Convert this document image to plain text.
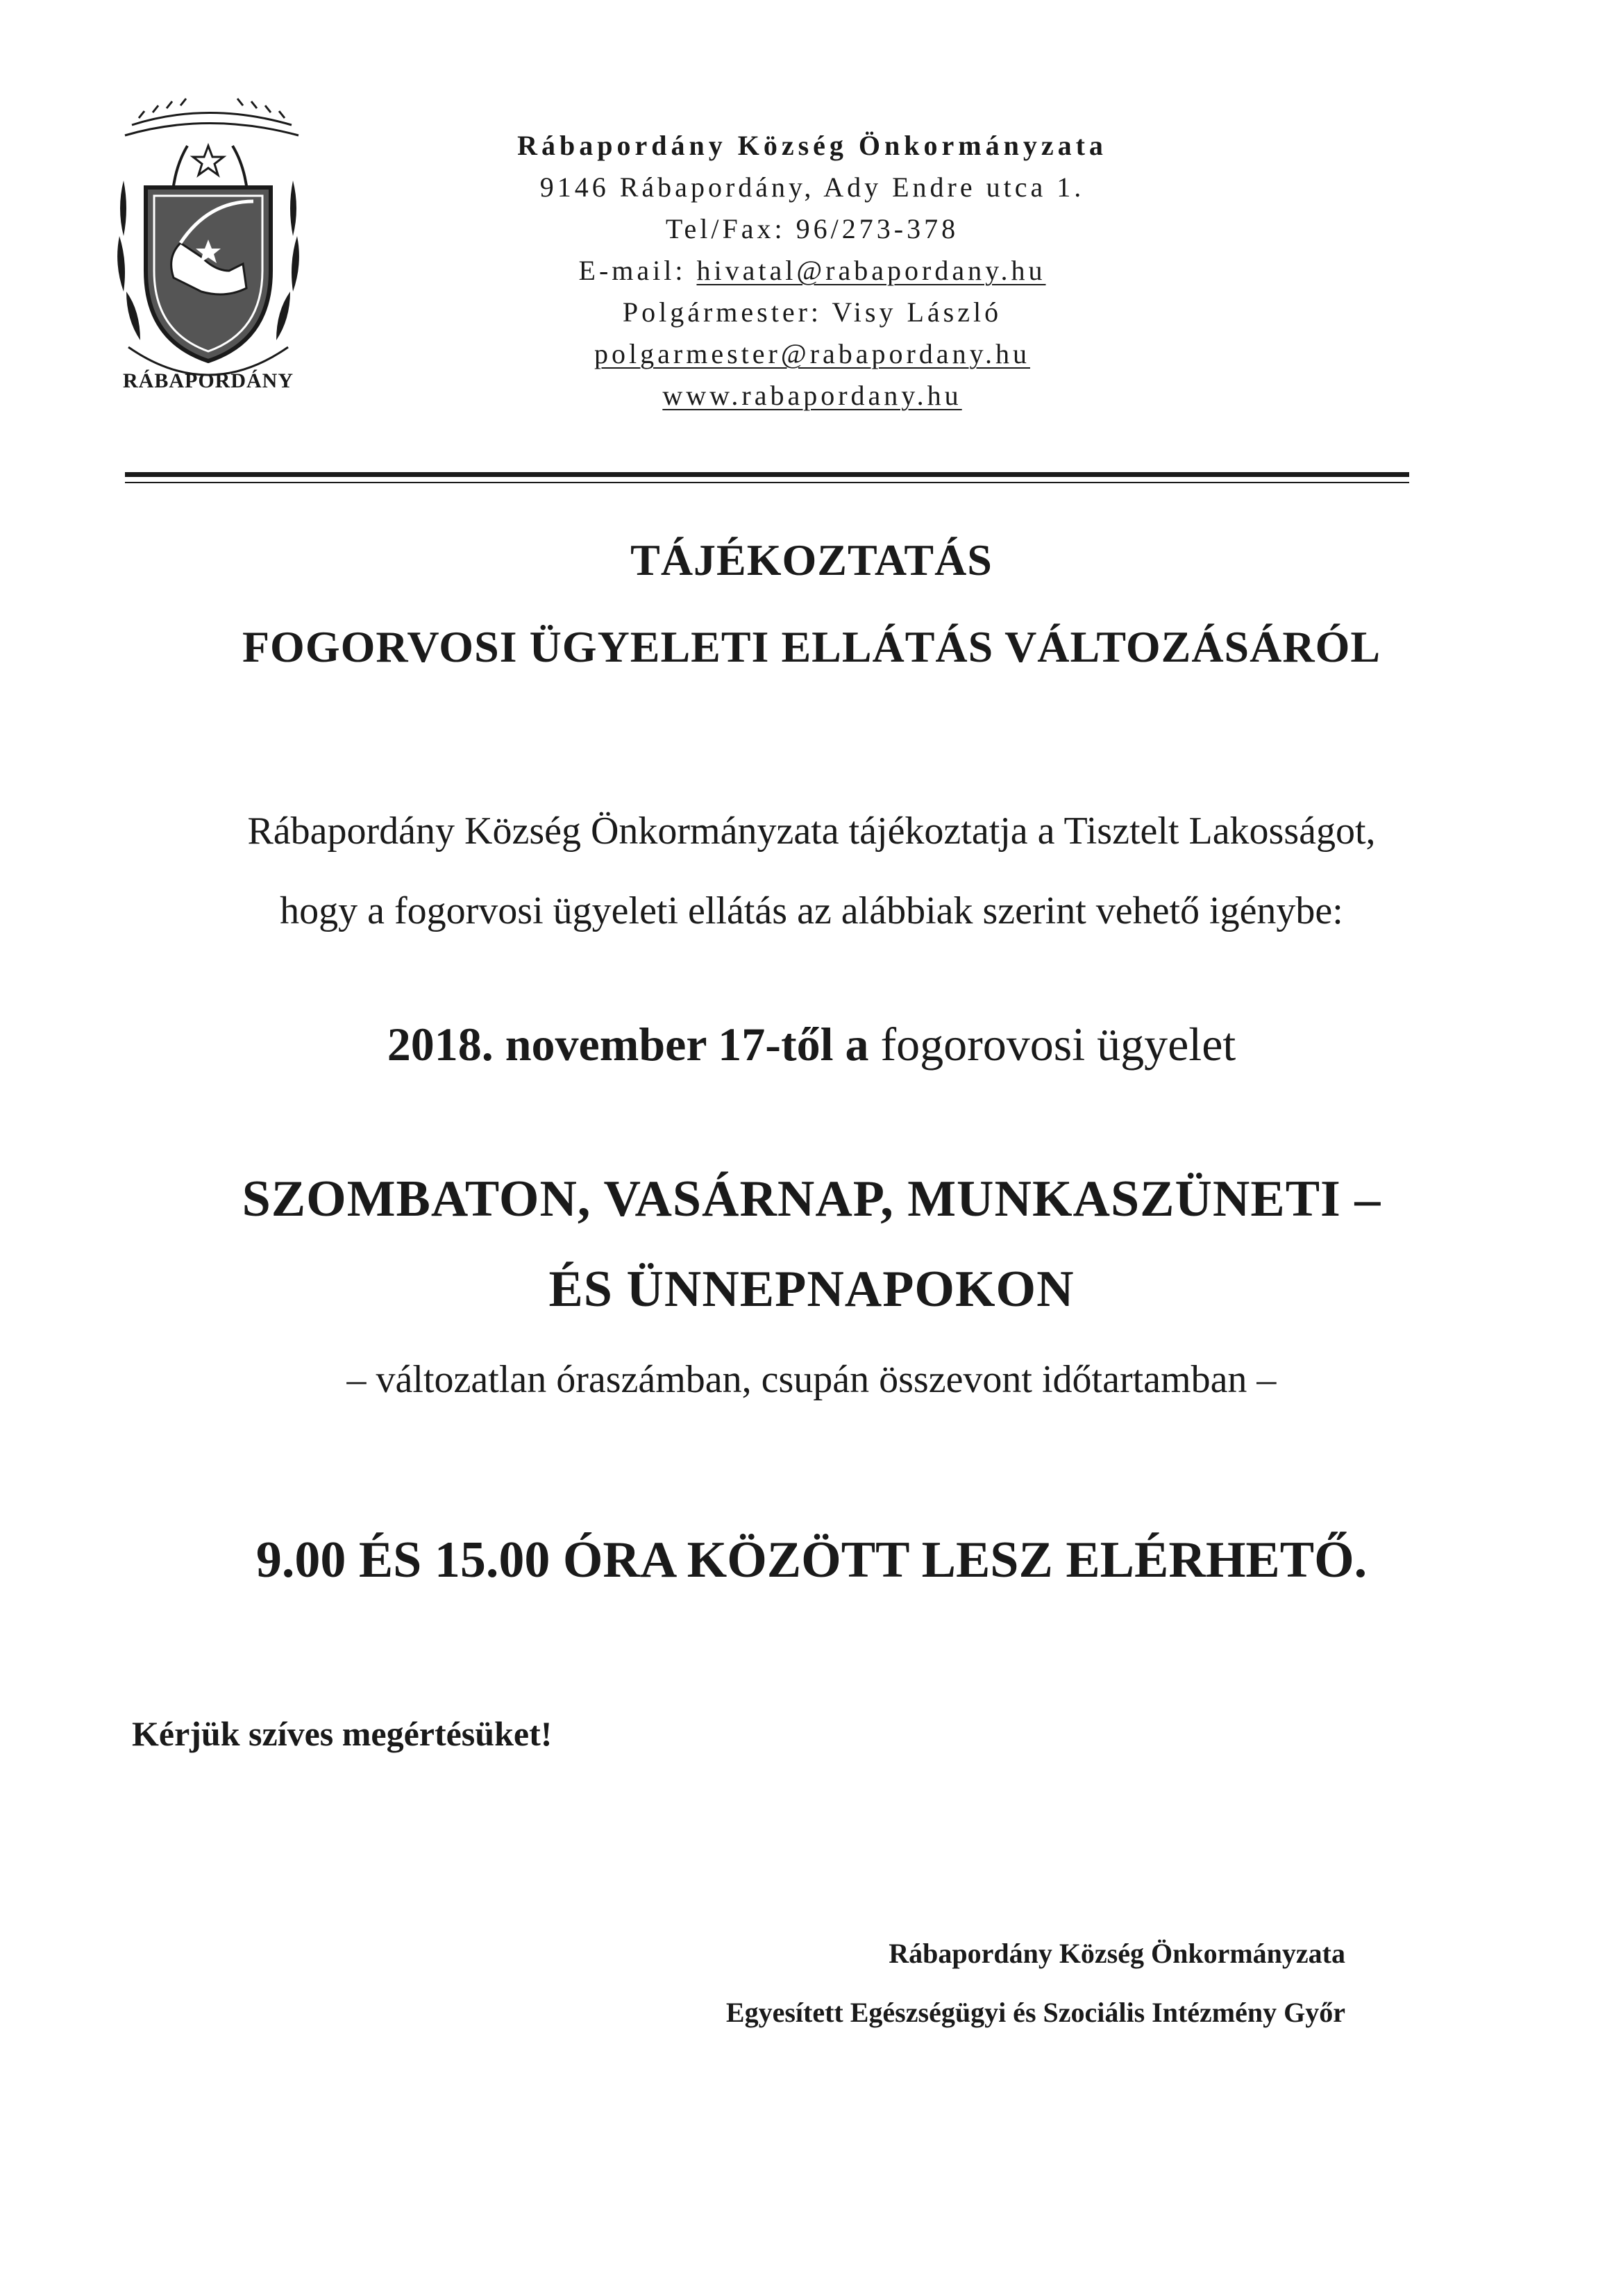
RÁBAPORDÁNY
Rábapordány Község Önkormányzata
9146 Rábapordány, Ady Endre utca 1.
Tel/Fax: 96/273-378
E-mail: hivatal@rabapordany.hu
Polgármester: Visy László
polgarmester@rabapordany.hu
www.rabapordany.hu
TÁJÉKOZTATÁS
FOGORVOSI ÜGYELETI ELLÁTÁS VÁLTOZÁSÁRÓL
Rábapordány Község Önkormányzata tájékoztatja a Tisztelt Lakosságot,
hogy a fogorvosi ügyeleti ellátás az alábbiak szerint vehető igénybe:
2018. november 17-től a fogorovosi ügyelet
SZOMBATON, VASÁRNAP, MUNKASZÜNETI –
ÉS ÜNNEPNAPOKON
– változatlan óraszámban, csupán összevont időtartamban –
9.00 ÉS 15.00 ÓRA KÖZÖTT LESZ ELÉRHETŐ.
Kérjük szíves megértésüket!
Rábapordány Község Önkormányzata
Egyesített Egészségügyi és Szociális Intézmény Győr
